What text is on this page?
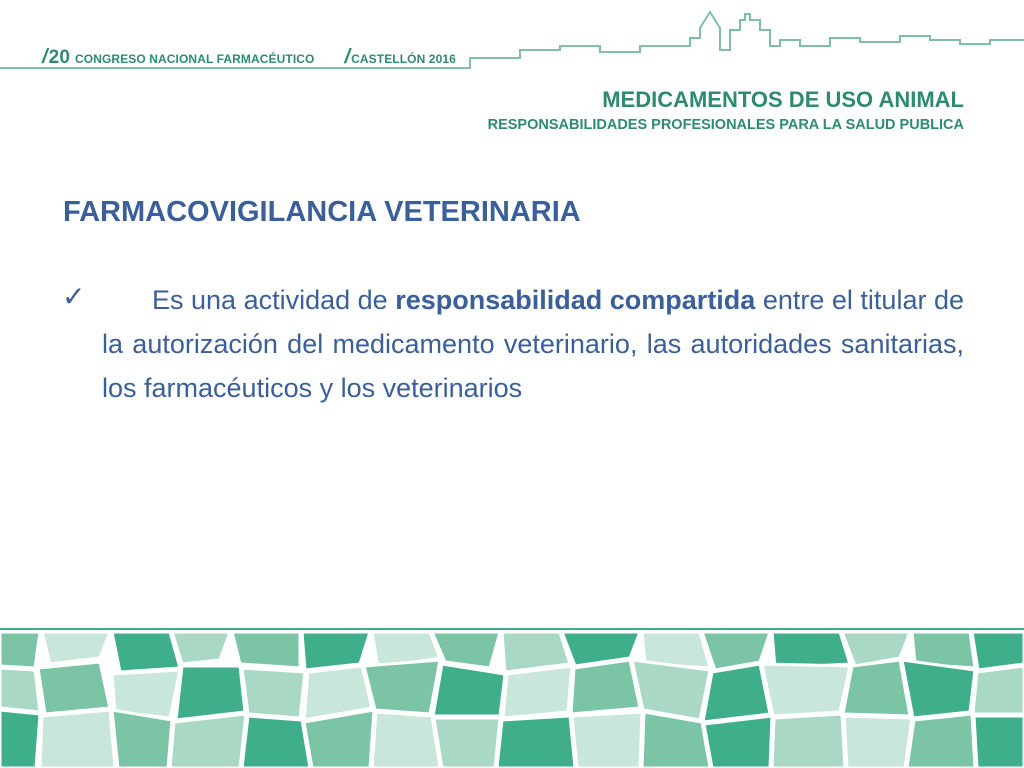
/ 20 CONGRESO NACIONAL FARMACÉUTICO / CASTELLÓN 2016
MEDICAMENTOS DE USO ANIMAL
RESPONSABILIDADES PROFESIONALES PARA LA SALUD PUBLICA
FARMACOVIGILANCIA VETERINARIA
✓	Es una actividad de responsabilidad compartida entre el titular de la autorización del medicamento veterinario, las autoridades sanitarias, los farmacéuticos y los veterinarios
